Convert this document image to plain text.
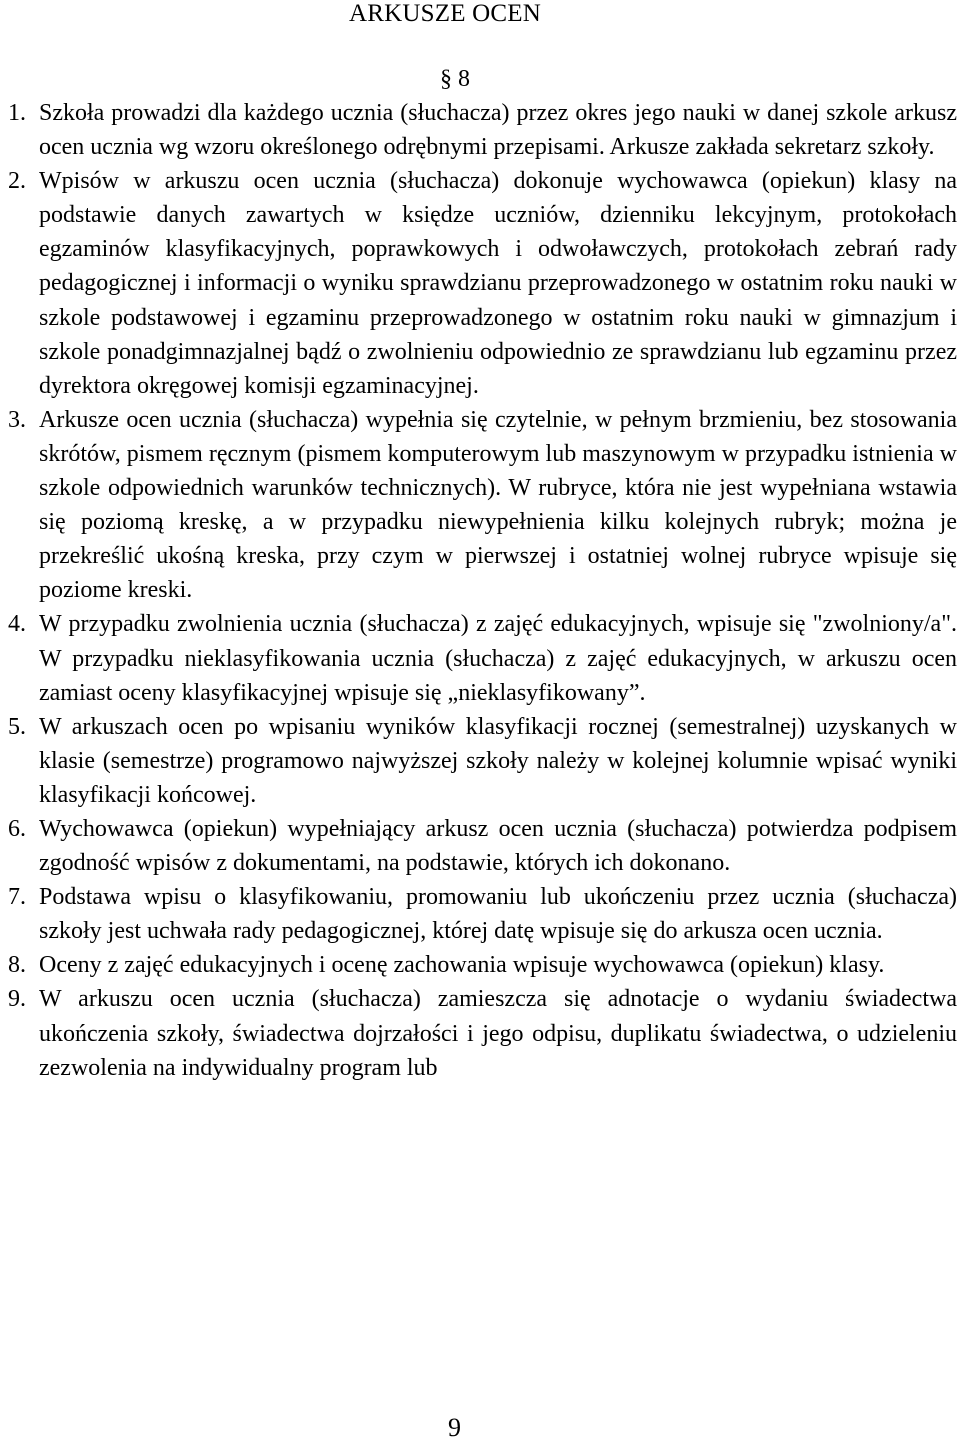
ARKUSZE OCEN
§ 8
1. Szkoła prowadzi dla każdego ucznia (słuchacza) przez okres jego nauki w danej szkole arkusz ocen ucznia wg wzoru określonego odrębnymi przepisami. Arkusze zakłada sekretarz szkoły.
2. Wpisów w arkuszu ocen ucznia (słuchacza) dokonuje wychowawca (opiekun) klasy na podstawie danych zawartych w księdze uczniów, dzienniku lekcyjnym, protokołach egzaminów klasyfikacyjnych, poprawkowych i odwoławczych, protokołach zebrań rady pedagogicznej i informacji o wyniku sprawdzianu przeprowadzonego w ostatnim roku nauki w szkole podstawowej i egzaminu przeprowadzonego w ostatnim roku nauki w gimnazjum i szkole ponadgimnazjalnej bądź o zwolnieniu odpowiednio ze sprawdzianu lub egzaminu przez dyrektora okręgowej komisji egzaminacyjnej.
3. Arkusze ocen ucznia (słuchacza) wypełnia się czytelnie, w pełnym brzmieniu, bez stosowania skrótów, pismem ręcznym (pismem komputerowym lub maszynowym w przypadku istnienia w szkole odpowiednich warunków technicznych). W rubryce, która nie jest wypełniana wstawia się poziomą kreskę, a w przypadku niewypełnienia kilku kolejnych rubryk; można je przekreślić ukośną kreska, przy czym w pierwszej i ostatniej wolnej rubryce wpisuje się poziome kreski.
4. W przypadku zwolnienia ucznia (słuchacza) z zajęć edukacyjnych, wpisuje się "zwolniony/a". W przypadku nieklasyfikowania ucznia (słuchacza) z zajęć edukacyjnych, w arkuszu ocen zamiast oceny klasyfikacyjnej wpisuje się „nieklasyfikowany”.
5. W arkuszach ocen po wpisaniu wyników klasyfikacji rocznej (semestralnej) uzyskanych w klasie (semestrze) programowo najwyższej szkoły należy w kolejnej kolumnie wpisać wyniki klasyfikacji końcowej.
6. Wychowawca (opiekun) wypełniający arkusz ocen ucznia (słuchacza) potwierdza podpisem zgodność wpisów z dokumentami, na podstawie, których ich dokonano.
7. Podstawa wpisu o klasyfikowaniu, promowaniu lub ukończeniu przez ucznia (słuchacza) szkoły jest uchwała rady pedagogicznej, której datę wpisuje się do arkusza ocen ucznia.
8. Oceny z zajęć edukacyjnych i ocenę zachowania wpisuje wychowawca (opiekun) klasy.
9. W arkuszu ocen ucznia (słuchacza) zamieszcza się adnotacje o wydaniu świadectwa ukończenia szkoły, świadectwa dojrzałości i jego odpisu, duplikatu świadectwa, o udzieleniu zezwolenia na indywidualny program lub
9
